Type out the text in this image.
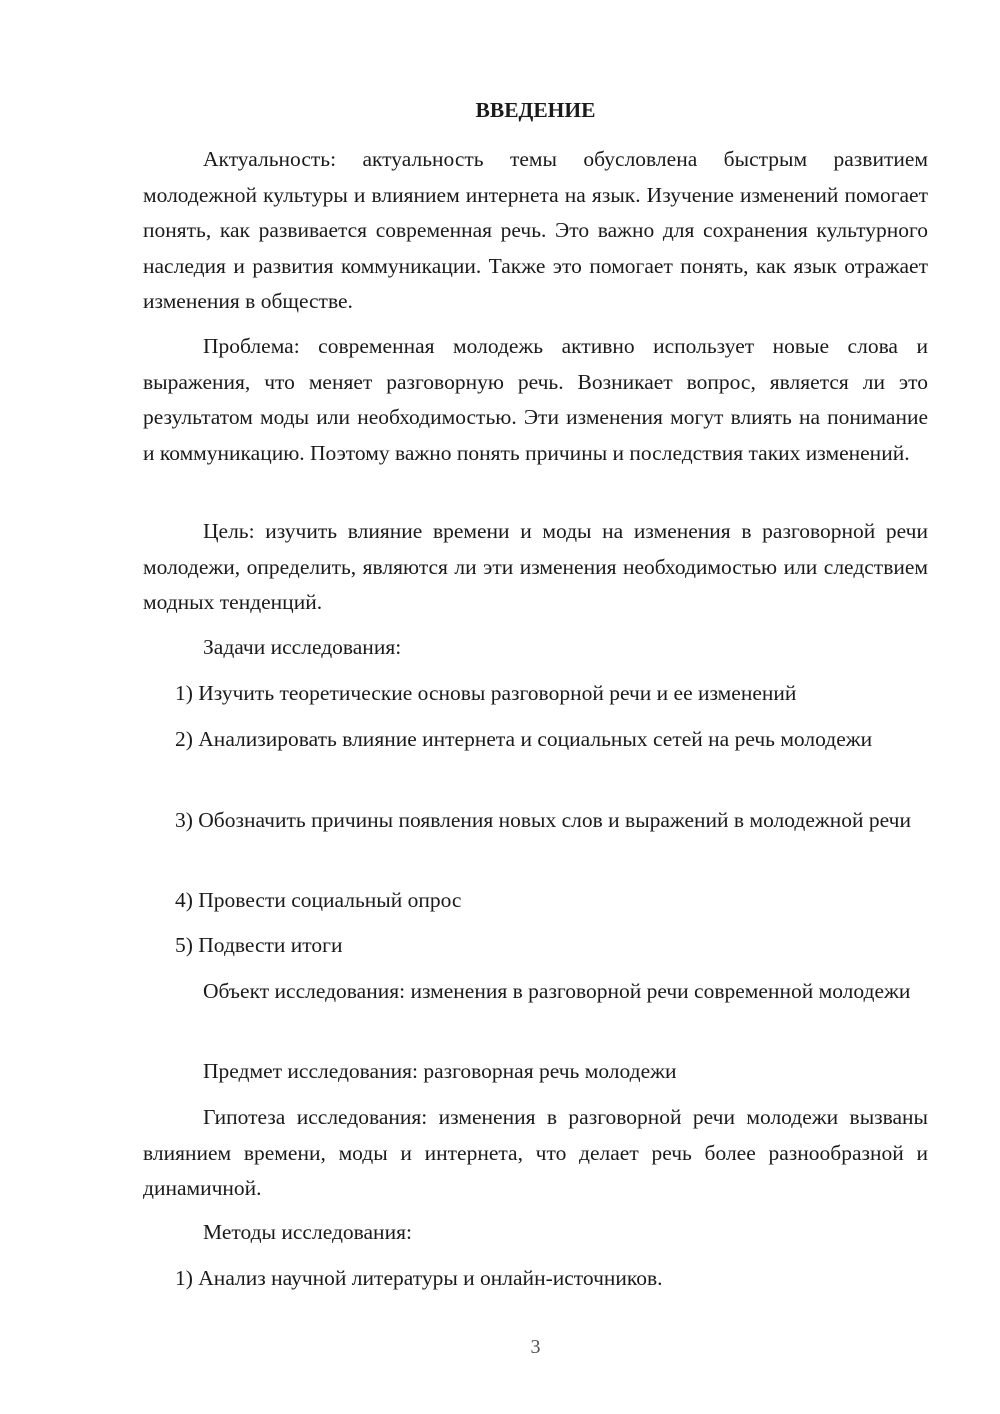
ВВЕДЕНИЕ

Актуальность: актуальность темы обусловлена быстрым развитием молодежной культуры и влиянием интернета на язык. Изучение изменений помогает понять, как развивается современная речь. Это важно для сохранения культурного наследия и развития коммуникации. Также это помогает понять, как язык отражает изменения в обществе.

Проблема: современная молодежь активно использует новые слова и выражения, что меняет разговорную речь. Возникает вопрос, является ли это результатом моды или необходимостью. Эти изменения могут влиять на понимание и коммуникацию. Поэтому важно понять причины и последствия таких изменений.

Цель: изучить влияние времени и моды на изменения в разговорной речи молодежи, определить, являются ли эти изменения необходимостью или следствием модных тенденций.

Задачи исследования:

1) Изучить теоретические основы разговорной речи и ее изменений

2) Анализировать влияние интернета и социальных сетей на речь молодежи

3) Обозначить причины появления новых слов и выражений в молодежной речи

4) Провести социальный опрос

5) Подвести итоги

Объект исследования: изменения в разговорной речи современной молодежи

Предмет исследования: разговорная речь молодежи

Гипотеза исследования: изменения в разговорной речи молодежи вызваны влиянием времени, моды и интернета, что делает речь более разнообразной и динамичной.

Методы исследования:

1) Анализ научной литературы и онлайн-источников.

3
